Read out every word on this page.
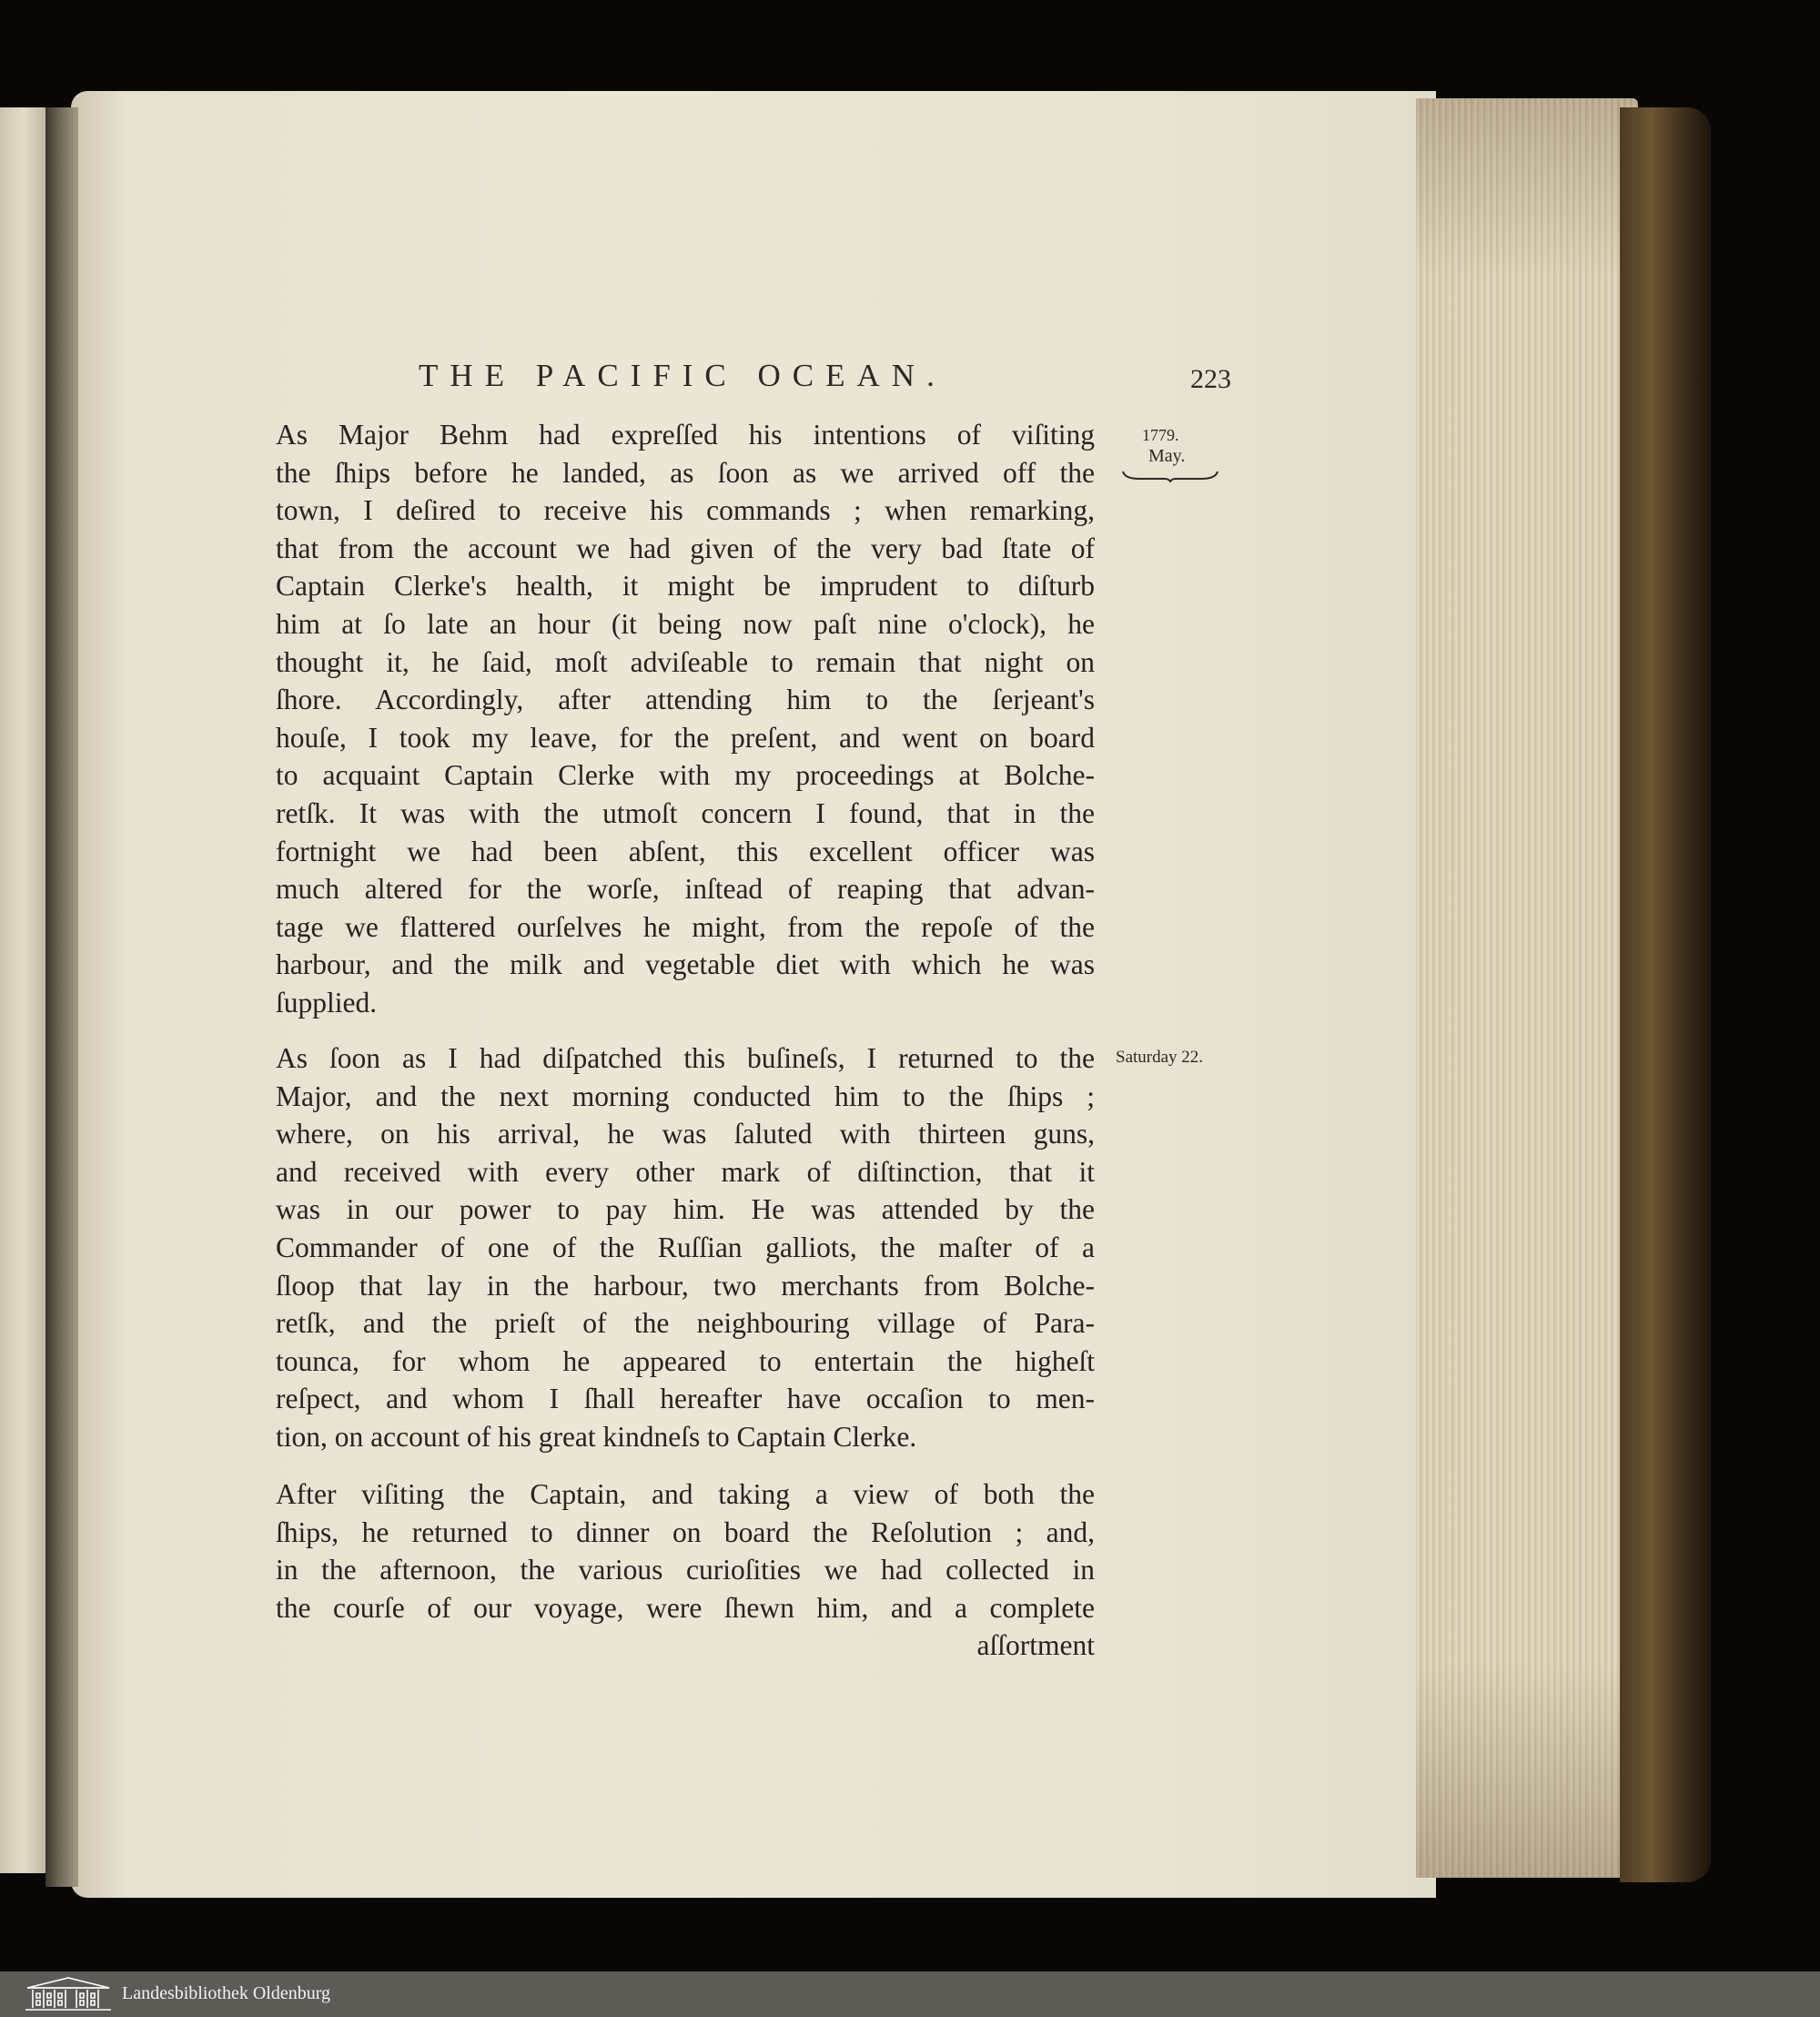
THE PACIFIC OCEAN.	223
1779.
May.
Saturday 22.

As Major Behm had expreſſed his intentions of viſiting
the ſhips before he landed, as ſoon as we arrived off the
town, I deſired to receive his commands ; when remarking,
that from the account we had given of the very bad ſtate of
Captain Clerke's health, it might be imprudent to diſturb
him at ſo late an hour (it being now paſt nine o'clock), he
thought it, he ſaid, moſt adviſeable to remain that night on
ſhore. Accordingly, after attending him to the ſerjeant's
houſe, I took my leave, for the preſent, and went on board
to acquaint Captain Clerke with my proceedings at Bolche-
retſk. It was with the utmoſt concern I found, that in the
fortnight we had been abſent, this excellent officer was
much altered for the worſe, inſtead of reaping that advan-
tage we flattered ourſelves he might, from the repoſe of the
harbour, and the milk and vegetable diet with which he was
ſupplied.

As ſoon as I had diſpatched this buſineſs, I returned to the
Major, and the next morning conducted him to the ſhips ;
where, on his arrival, he was ſaluted with thirteen guns,
and received with every other mark of diſtinction, that it
was in our power to pay him. He was attended by the
Commander of one of the Ruſſian galliots, the maſter of a
ſloop that lay in the harbour, two merchants from Bolche-
retſk, and the prieſt of the neighbouring village of Para-
tounca, for whom he appeared to entertain the higheſt
reſpect, and whom I ſhall hereafter have occaſion to men-
tion, on account of his great kindneſs to Captain Clerke.

After viſiting the Captain, and taking a view of both the
ſhips, he returned to dinner on board the Reſolution ; and,
in the afternoon, the various curioſities we had collected in
the courſe of our voyage, were ſhewn him, and a complete
aſſortment

Landesbibliothek Oldenburg
